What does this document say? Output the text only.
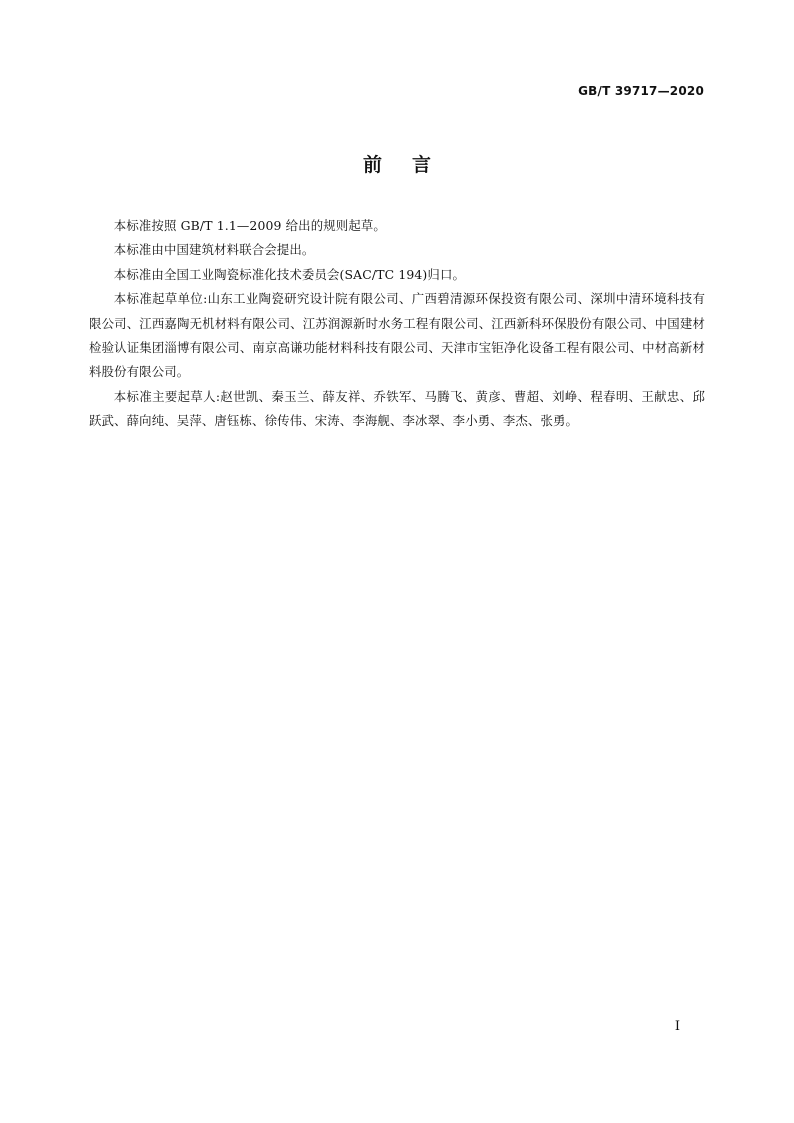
GB/T 39717—2020
前言

本标准按照 GB/T 1.1—2009 给出的规则起草。

本标准由中国建筑材料联合会提出。

本标准由全国工业陶瓷标准化技术委员会(SAC/TC 194)归口。

本标准起草单位:山东工业陶瓷研究设计院有限公司、广西碧清源环保投资有限公司、深圳中清环境科技有限公司、江西嘉陶无机材料有限公司、江苏润源新时水务工程有限公司、江西新科环保股份有限公司、中国建材检验认证集团淄博有限公司、南京高谦功能材料科技有限公司、天津市宝钜净化设备工程有限公司、中材高新材料股份有限公司。

本标准主要起草人:赵世凯、秦玉兰、薛友祥、乔铁军、马腾飞、黄彦、曹超、刘峥、程春明、王献忠、邱跃武、薛向纯、吴萍、唐钰栋、徐传伟、宋涛、李海舰、李冰翠、李小勇、李杰、张勇。

I
